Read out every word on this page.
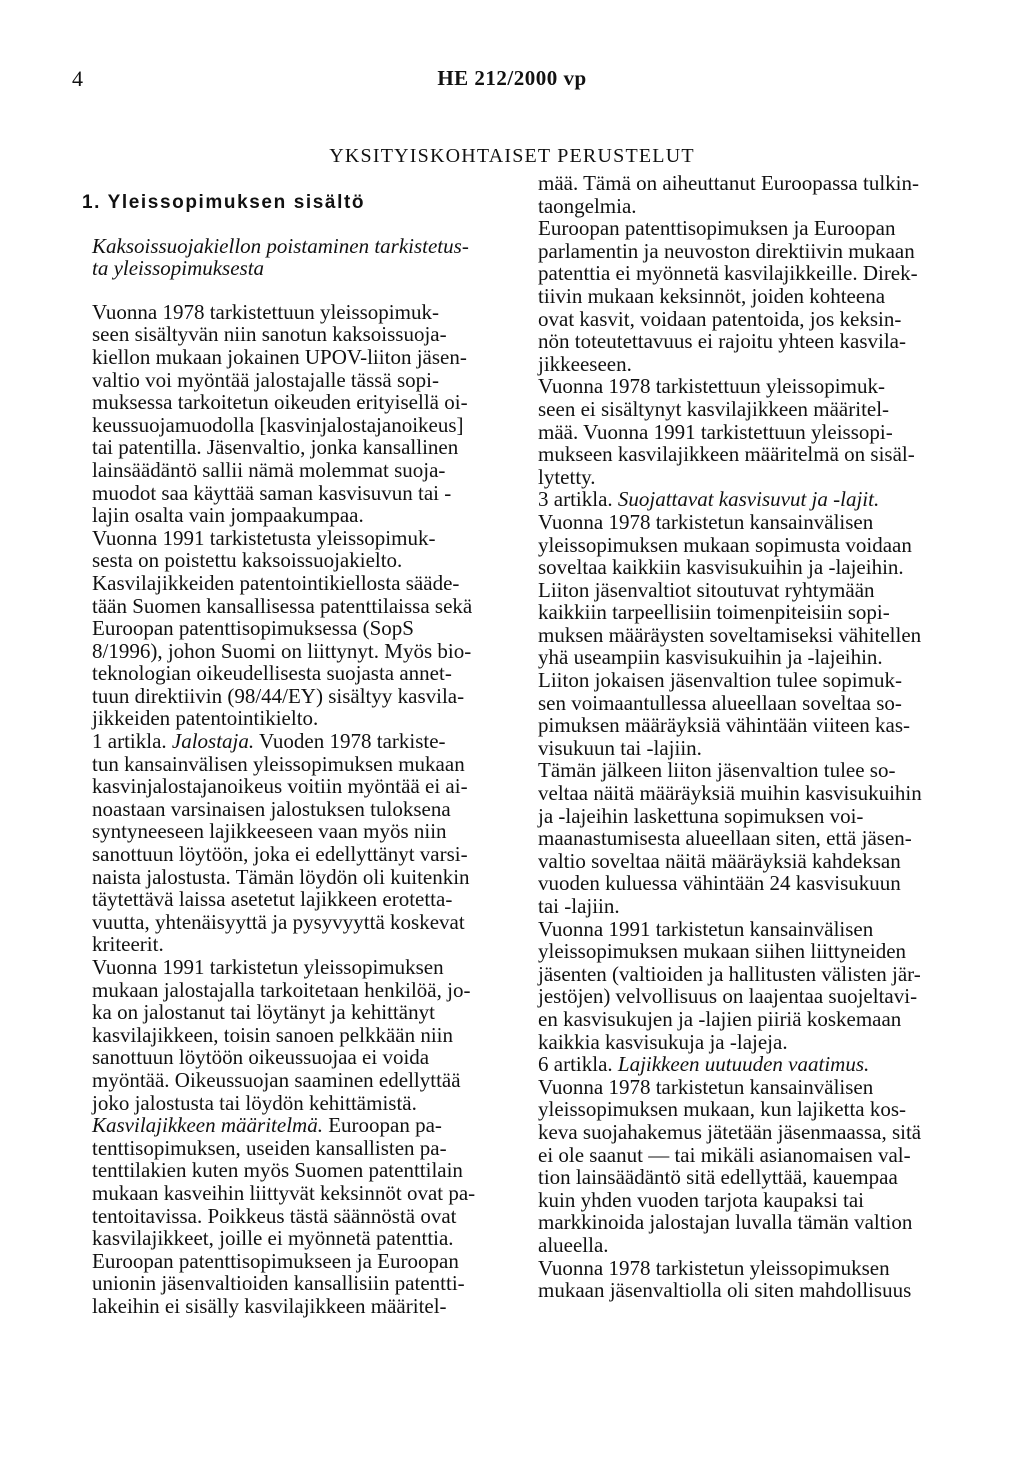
4	HE 212/2000 vp
YKSITYISKOHTAISET PERUSTELUT

1. Yleissopimuksen sisältö

Kaksoissuojakiellon poistaminen tarkistetus-
ta yleissopimuksesta

Vuonna 1978 tarkistettuun yleissopimuk-
seen sisältyvän niin sanotun kaksoissuoja-
kiellon mukaan jokainen UPOV-liiton jäsen-
valtio voi myöntää jalostajalle tässä sopi-
muksessa tarkoitetun oikeuden erityisellä oi-
keussuojamuodolla [kasvinjalostajanoikeus]
tai patentilla. Jäsenvaltio, jonka kansallinen
lainsäädäntö sallii nämä molemmat suoja-
muodot saa käyttää saman kasvisuvun tai -
lajin osalta vain jompaakumpaa.

Vuonna 1991 tarkistetusta yleissopimuk-
sesta on poistettu kaksoissuojakielto.

Kasvilajikkeiden patentointikiellosta sääde-
tään Suomen kansallisessa patenttilaissa sekä
Euroopan patenttisopimuksessa (SopS
8/1996), johon Suomi on liittynyt. Myös bio-
teknologian oikeudellisesta suojasta annet-
tuun direktiivin (98/44/EY) sisältyy kasvila-
jikkeiden patentointikielto.

1 artikla. Jalostaja. Vuoden 1978 tarkiste-
tun kansainvälisen yleissopimuksen mukaan
kasvinjalostajanoikeus voitiin myöntää ei ai-
noastaan varsinaisen jalostuksen tuloksena
syntyneeseen lajikkeeseen vaan myös niin
sanottuun löytöön, joka ei edellyttänyt varsi-
naista jalostusta. Tämän löydön oli kuitenkin
täytettävä laissa asetetut lajikkeen erotetta-
vuutta, yhtenäisyyttä ja pysyvyyttä koskevat
kriteerit.

Vuonna 1991 tarkistetun yleissopimuksen
mukaan jalostajalla tarkoitetaan henkilöä, jo-
ka on jalostanut tai löytänyt ja kehittänyt
kasvilajikkeen, toisin sanoen pelkkään niin
sanottuun löytöön oikeussuojaa ei voida
myöntää. Oikeussuojan saaminen edellyttää
joko jalostusta tai löydön kehittämistä.

Kasvilajikkeen määritelmä. Euroopan pa-
tenttisopimuksen, useiden kansallisten pa-
tenttilakien kuten myös Suomen patenttilain
mukaan kasveihin liittyvät keksinnöt ovat pa-
tentoitavissa. Poikkeus tästä säännöstä ovat
kasvilajikkeet, joille ei myönnetä patenttia.

Euroopan patenttisopimukseen ja Euroopan
unionin jäsenvaltioiden kansallisiin patentti-
lakeihin ei sisälly kasvilajikkeen määritel-

mää. Tämä on aiheuttanut Euroopassa tulkin-
taongelmia.

Euroopan patenttisopimuksen ja Euroopan
parlamentin ja neuvoston direktiivin mukaan
patenttia ei myönnetä kasvilajikkeille. Direk-
tiivin mukaan keksinnöt, joiden kohteena
ovat kasvit, voidaan patentoida, jos keksin-
nön toteutettavuus ei rajoitu yhteen kasvila-
jikkeeseen.

Vuonna 1978 tarkistettuun yleissopimuk-
seen ei sisältynyt kasvilajikkeen määritel-
mää. Vuonna 1991 tarkistettuun yleissopi-
mukseen kasvilajikkeen määritelmä on sisäl-
lytetty.

3 artikla. Suojattavat kasvisuvut ja -lajit.
Vuonna 1978 tarkistetun kansainvälisen
yleissopimuksen mukaan sopimusta voidaan
soveltaa kaikkiin kasvisukuihin ja -lajeihin.

Liiton jäsenvaltiot sitoutuvat ryhtymään
kaikkiin tarpeellisiin toimenpiteisiin sopi-
muksen määräysten soveltamiseksi vähitellen
yhä useampiin kasvisukuihin ja -lajeihin.

Liiton jokaisen jäsenvaltion tulee sopimuk-
sen voimaantullessa alueellaan soveltaa so-
pimuksen määräyksiä vähintään viiteen kas-
visukuun tai -lajiin.

Tämän jälkeen liiton jäsenvaltion tulee so-
veltaa näitä määräyksiä muihin kasvisukuihin
ja -lajeihin laskettuna sopimuksen voi-
maanastumisesta alueellaan siten, että jäsen-
valtio soveltaa näitä määräyksiä kahdeksan
vuoden kuluessa vähintään 24 kasvisukuun
tai -lajiin.

Vuonna 1991 tarkistetun kansainvälisen
yleissopimuksen mukaan siihen liittyneiden
jäsenten (valtioiden ja hallitusten välisten jär-
jestöjen) velvollisuus on laajentaa suojeltavi-
en kasvisukujen ja -lajien piiriä koskemaan
kaikkia kasvisukuja ja -lajeja.

6 artikla. Lajikkeen uutuuden vaatimus.
Vuonna 1978 tarkistetun kansainvälisen
yleissopimuksen mukaan, kun lajiketta kos-
keva suojahakemus jätetään jäsenmaassa, sitä
ei ole saanut — tai mikäli asianomaisen val-
tion lainsäädäntö sitä edellyttää, kauempaa
kuin yhden vuoden tarjota kaupaksi tai
markkinoida jalostajan luvalla tämän valtion
alueella.

Vuonna 1978 tarkistetun yleissopimuksen
mukaan jäsenvaltiolla oli siten mahdollisuus
